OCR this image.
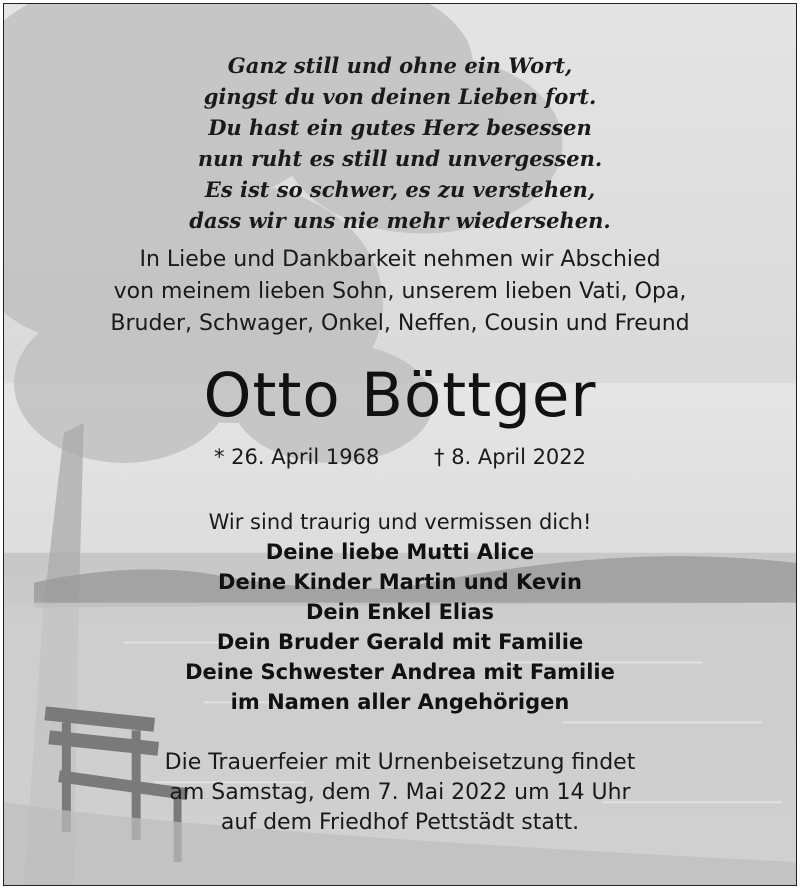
Ganz still und ohne ein Wort,
gingst du von deinen Lieben fort.
Du hast ein gutes Herz besessen
nun ruht es still und unvergessen.
Es ist so schwer, es zu verstehen,
dass wir uns nie mehr wiedersehen.
In Liebe und Dankbarkeit nehmen wir Abschied
von meinem lieben Sohn, unserem lieben Vati, Opa,
Bruder, Schwager, Onkel, Neffen, Cousin und Freund
Otto Böttger
* 26. April 1968	† 8. April 2022
Wir sind traurig und vermissen dich!
Deine liebe Mutti Alice
Deine Kinder Martin und Kevin
Dein Enkel Elias
Dein Bruder Gerald mit Familie
Deine Schwester Andrea mit Familie
im Namen aller Angehörigen
Die Trauerfeier mit Urnenbeisetzung findet
am Samstag, dem 7. Mai 2022 um 14 Uhr
auf dem Friedhof Pettstädt statt.
